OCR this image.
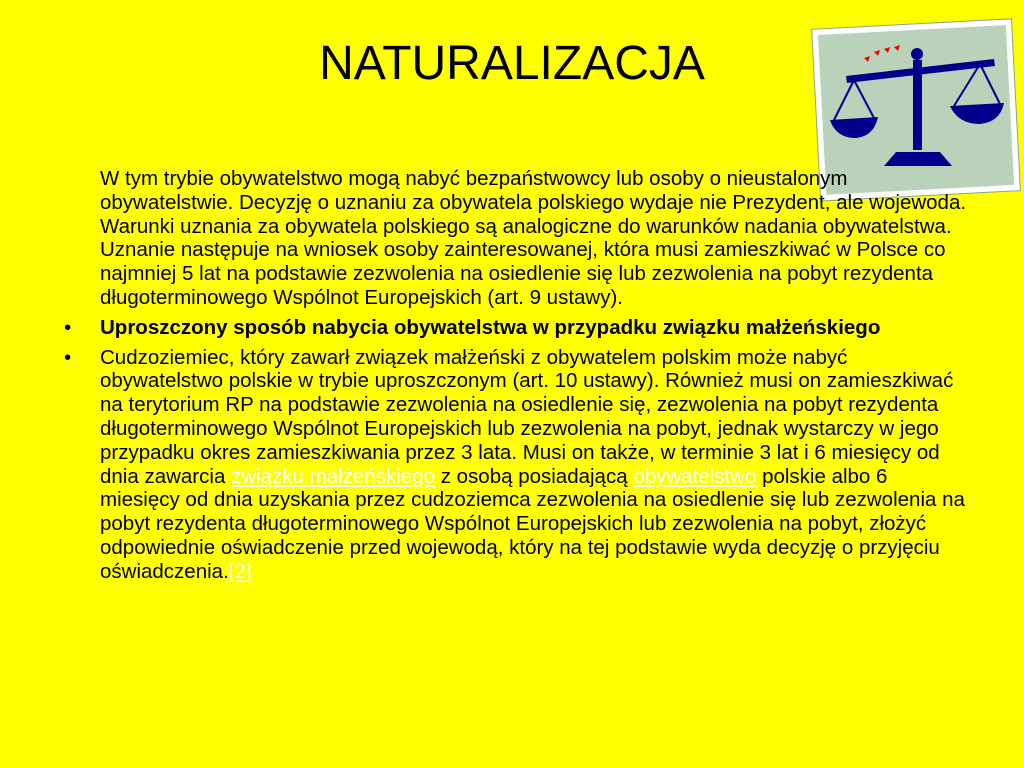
NATURALIZACJA

W tym trybie obywatelstwo mogą nabyć bezpaństwowcy lub osoby o nieustalonym obywatelstwie. Decyzję o uznaniu za obywatela polskiego wydaje nie Prezydent, ale wojewoda. Warunki uznania za obywatela polskiego są analogiczne do warunków nadania obywatelstwa. Uznanie następuje na wniosek osoby zainteresowanej, która musi zamieszkiwać w Polsce co najmniej 5 lat na podstawie zezwolenia na osiedlenie się lub zezwolenia na pobyt rezydenta długoterminowego Wspólnot Europejskich (art. 9 ustawy).

• Uproszczony sposób nabycia obywatelstwa w przypadku związku małżeńskiego
• Cudzoziemiec, który zawarł związek małżeński z obywatelem polskim może nabyć obywatelstwo polskie w trybie uproszczonym (art. 10 ustawy). Również musi on zamieszkiwać na terytorium RP na podstawie zezwolenia na osiedlenie się, zezwolenia na pobyt rezydenta długoterminowego Wspólnot Europejskich lub zezwolenia na pobyt, jednak wystarczy w jego przypadku okres zamieszkiwania przez 3 lata. Musi on także, w terminie 3 lat i 6 miesięcy od dnia zawarcia związku małżeńskiego z osobą posiadającą obywatelstwo polskie albo 6 miesięcy od dnia uzyskania przez cudzoziemca zezwolenia na osiedlenie się lub zezwolenia na pobyt rezydenta długoterminowego Wspólnot Europejskich lub zezwolenia na pobyt, złożyć odpowiednie oświadczenie przed wojewodą, który na tej podstawie wyda decyzję o przyjęciu oświadczenia.[2]
